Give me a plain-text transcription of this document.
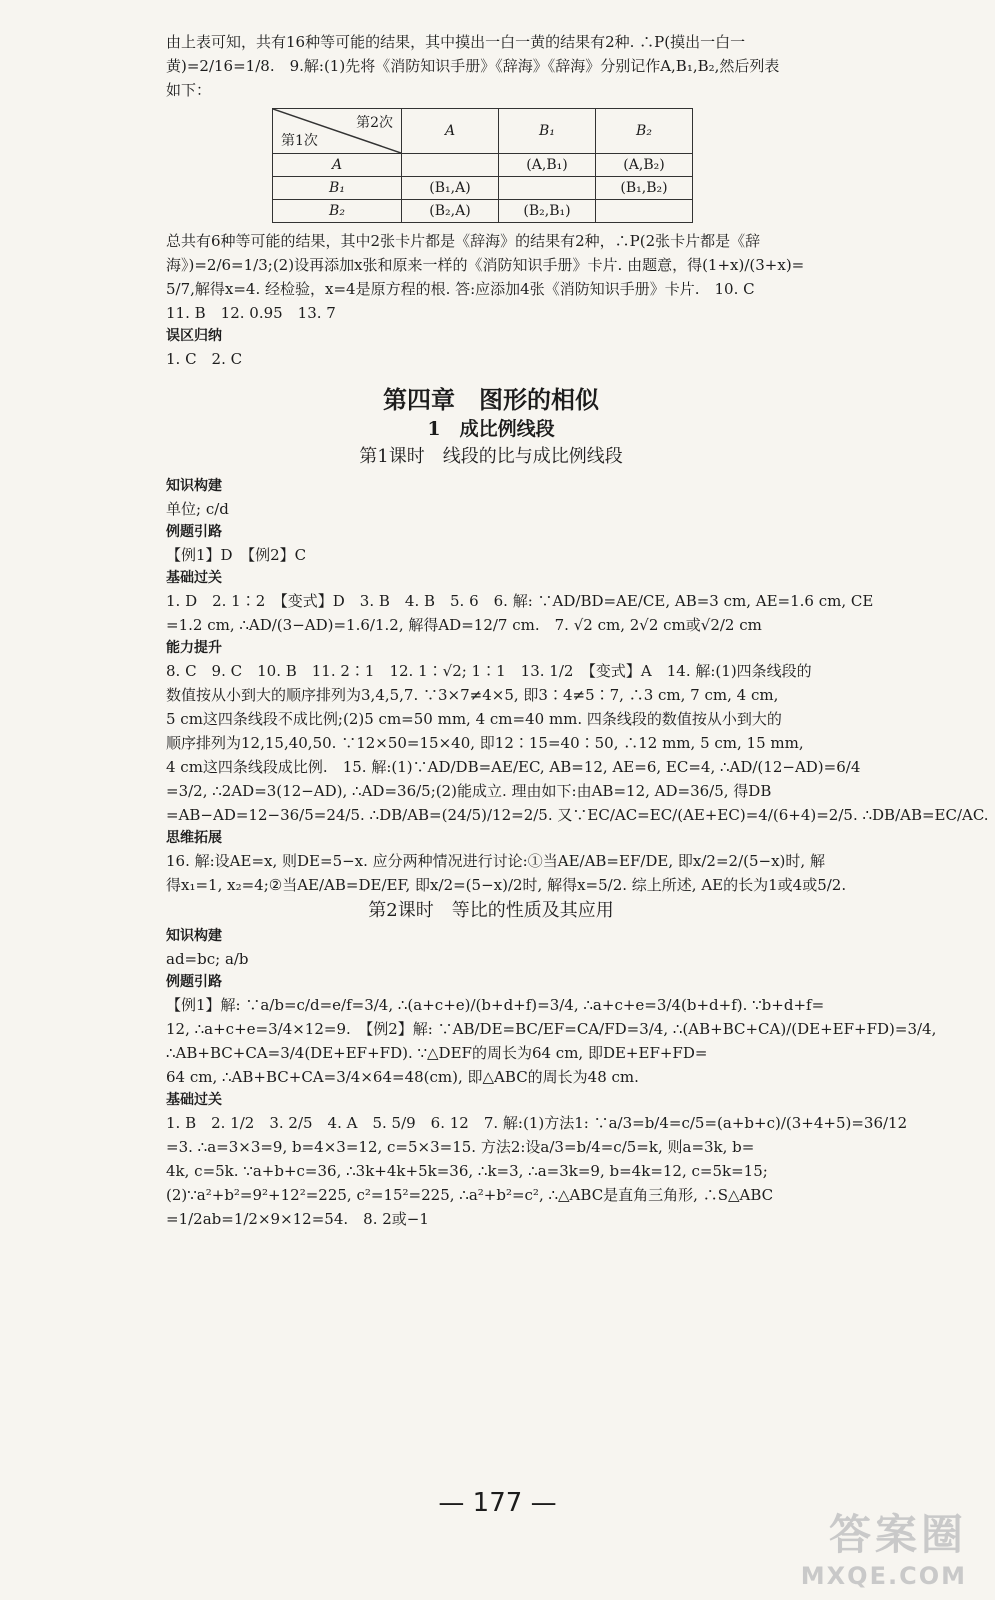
由上表可知，共有16种等可能的结果，其中摸出一白一黄的结果有2种. ∴P(摸出一白一

黄)=2/16=1/8.　9.解:(1)先将《消防知识手册》《辞海》《辞海》分别记作A,B₁,B₂,然后列表

如下：

第2次
第1次	A	B₁	B₂
A		(A,B₁)	(A,B₂)
B₁	(B₁,A)		(B₁,B₂)
B₂	(B₂,A)	(B₂,B₁)	

总共有6种等可能的结果，其中2张卡片都是《辞海》的结果有2种，∴P(2张卡片都是《辞

海》)=2/6=1/3;(2)设再添加x张和原来一样的《消防知识手册》卡片. 由题意，得(1+x)/(3+x)=

5/7,解得x=4. 经检验，x=4是原方程的根. 答:应添加4张《消防知识手册》卡片.　10. C

11. B　12. 0.95　13. 7

误区归纳

1. C　2. C

第四章　图形的相似

1　成比例线段

第1课时　线段的比与成比例线段

知识构建

单位; c/d

例题引路

【例1】D　【例2】C

基础过关

1. D　2. 1∶2　【变式】D　3. B　4. B　5. 6　6. 解: ∵AD/BD=AE/CE, AB=3 cm, AE=1.6 cm, CE

=1.2 cm, ∴AD/(3−AD)=1.6/1.2, 解得AD=12/7 cm.　7. √2 cm, 2√2 cm或√2/2 cm

能力提升

8. C　9. C　10. B　11. 2∶1　12. 1∶√2; 1∶1　13. 1/2　【变式】A　14. 解:(1)四条线段的

数值按从小到大的顺序排列为3,4,5,7. ∵3×7≠4×5, 即3∶4≠5∶7, ∴3 cm, 7 cm, 4 cm,

5 cm这四条线段不成比例;(2)5 cm=50 mm, 4 cm=40 mm. 四条线段的数值按从小到大的

顺序排列为12,15,40,50. ∵12×50=15×40, 即12∶15=40∶50, ∴12 mm, 5 cm, 15 mm,

4 cm这四条线段成比例.　15. 解:(1)∵AD/DB=AE/EC, AB=12, AE=6, EC=4, ∴AD/(12−AD)=6/4

=3/2, ∴2AD=3(12−AD), ∴AD=36/5;(2)能成立. 理由如下:由AB=12, AD=36/5, 得DB

=AB−AD=12−36/5=24/5. ∴DB/AB=(24/5)/12=2/5. 又∵EC/AC=EC/(AE+EC)=4/(6+4)=2/5. ∴DB/AB=EC/AC.

思维拓展

16. 解:设AE=x, 则DE=5−x. 应分两种情况进行讨论:①当AE/AB=EF/DE, 即x/2=2/(5−x)时, 解

得x₁=1, x₂=4;②当AE/AB=DE/EF, 即x/2=(5−x)/2时, 解得x=5/2. 综上所述, AE的长为1或4或5/2.

第2课时　等比的性质及其应用

知识构建

ad=bc; a/b

例题引路

【例1】解: ∵a/b=c/d=e/f=3/4, ∴(a+c+e)/(b+d+f)=3/4, ∴a+c+e=3/4(b+d+f). ∵b+d+f=

12, ∴a+c+e=3/4×12=9.　【例2】解: ∵AB/DE=BC/EF=CA/FD=3/4, ∴(AB+BC+CA)/(DE+EF+FD)=3/4,

∴AB+BC+CA=3/4(DE+EF+FD). ∵△DEF的周长为64 cm, 即DE+EF+FD=

64 cm, ∴AB+BC+CA=3/4×64=48(cm), 即△ABC的周长为48 cm.

基础过关

1. B　2. 1/2　3. 2/5　4. A　5. 5/9　6. 12　7. 解:(1)方法1: ∵a/3=b/4=c/5=(a+b+c)/(3+4+5)=36/12

=3. ∴a=3×3=9, b=4×3=12, c=5×3=15. 方法2:设a/3=b/4=c/5=k, 则a=3k, b=

4k, c=5k. ∵a+b+c=36, ∴3k+4k+5k=36, ∴k=3, ∴a=3k=9, b=4k=12, c=5k=15;

(2)∵a²+b²=9²+12²=225, c²=15²=225, ∴a²+b²=c², ∴△ABC是直角三角形, ∴S△ABC

=1/2ab=1/2×9×12=54.　8. 2或−1

— 177 —
答案圈
MXQE.COM
